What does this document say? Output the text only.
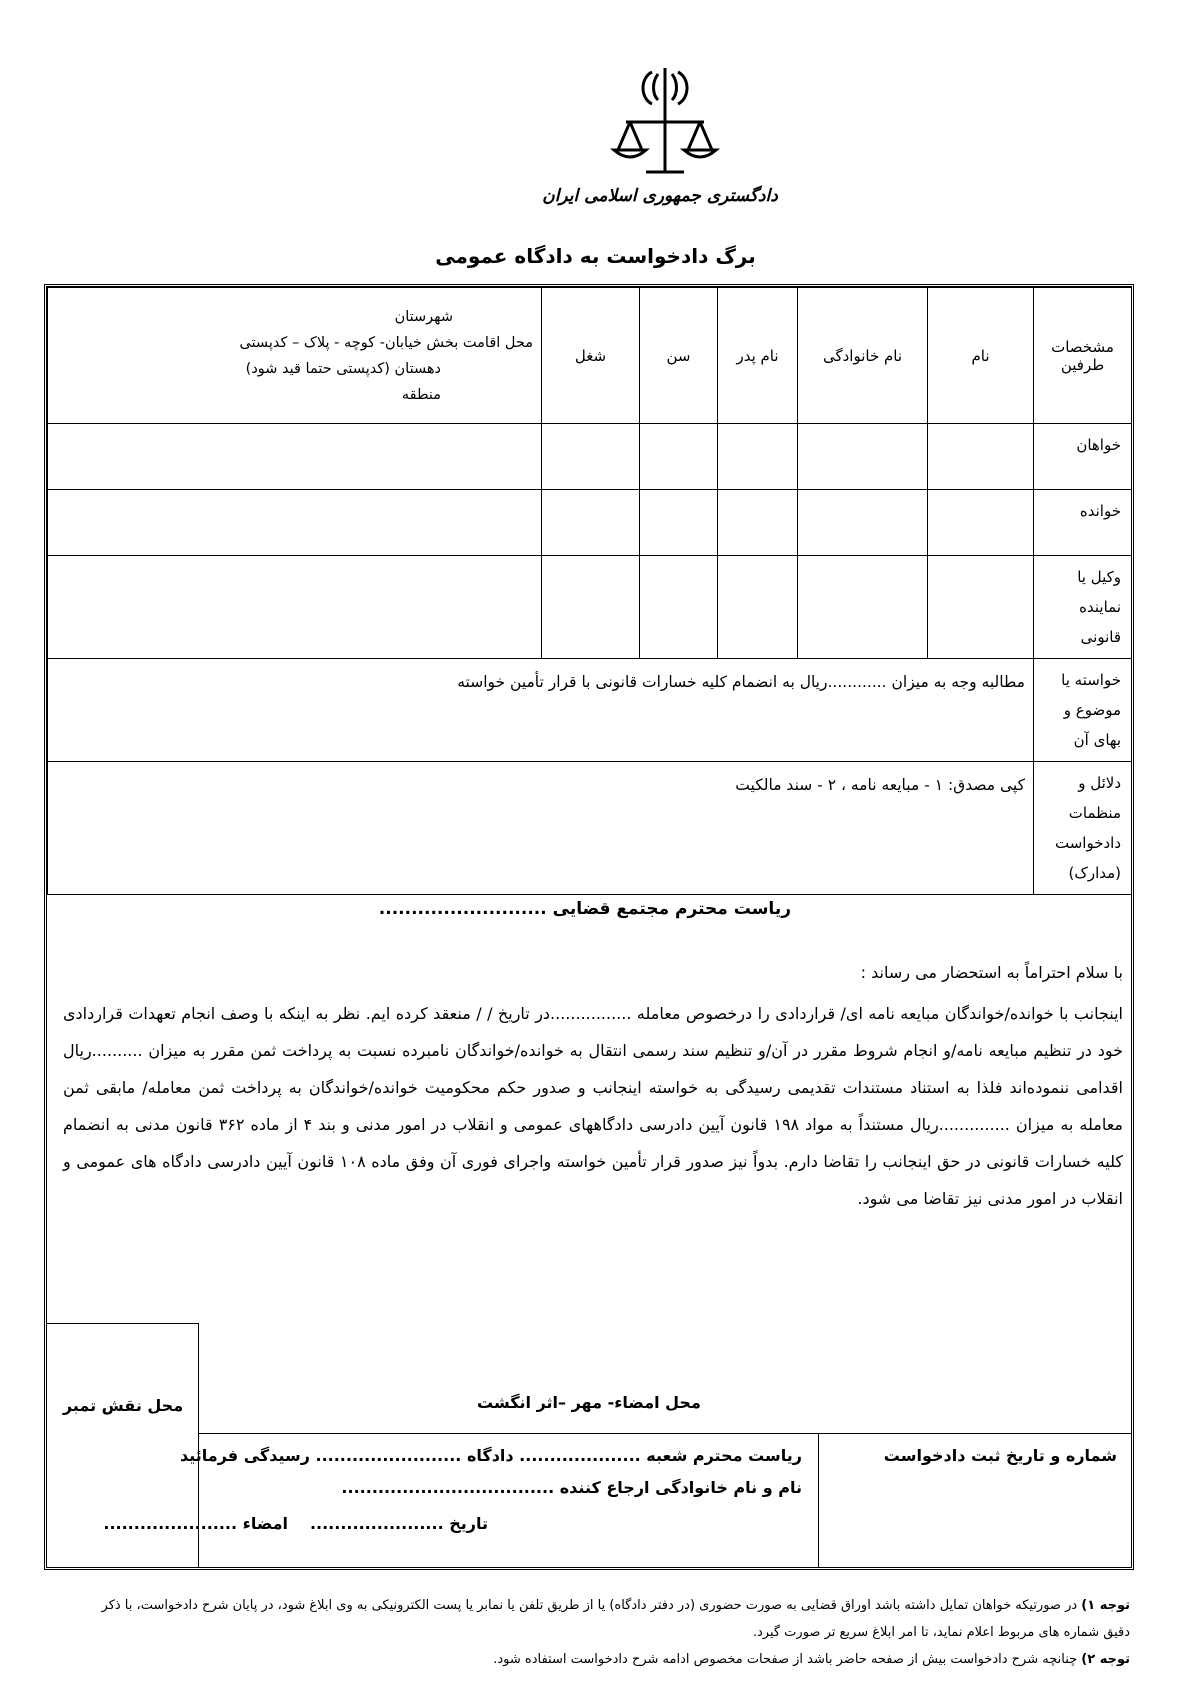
دادگستری جمهوری اسلامی ایران
برگ دادخواست به دادگاه عمومی
مشخصات طرفین	نام	نام خانوادگی	نام پدر	سن	شغل	شهرستان
محل اقامت بخش خیابان- کوچه - پلاک – کدپستی
دهستان (کدپستی حتما قید شود)
منطقه

خواهان						
خوانده						
وکیل یا نماینده قانونی						
خواسته یا موضوع و بهای آن	مطالبه وجه به میزان ............ریال به انضمام کلیه خسارات قانونی با قرار تأمین خواسته					
دلائل و منظمات دادخواست (مدارک)	کپی مصدق: ۱ - مبایعه نامه ، ۲ - سند مالکیت					
ریاست محترم مجتمع قضایی ..........................
با سلام احتراماً به استحضار می رساند :
اینجانب با خوانده/خواندگان مبایعه نامه ای/ قراردادی را درخصوص معامله ................در تاریخ / / منعقد کرده ایم. نظر به اینکه با وصف انجام تعهدات قراردادی خود در تنظیم مبایعه نامه/و انجام شروط مقرر در آن/و تنظیم سند رسمی انتقال به خوانده/خواندگان نامبرده نسبت به پرداخت ثمن مقرر به میزان ..........ریال اقدامی ننموده‌اند فلذا به استناد مستندات تقدیمی رسیدگی به خواسته اینجانب و صدور حکم محکومیت خوانده/خواندگان به پرداخت ثمن معامله/ مابقی ثمن معامله به میزان ..............ریال مستنداً به مواد ۱۹۸ قانون آیین دادرسی دادگاههای عمومی و انقلاب در امور مدنی و بند ۴ از ماده ۳۶۲ قانون مدنی به انضمام کلیه خسارات قانونی در حق اینجانب را تقاضا دارم. بدواً نیز صدور قرار تأمین خواسته واجرای فوری آن وفق ماده ۱۰۸ قانون آیین دادرسی دادگاه های عمومی و انقلاب در امور مدنی نیز تقاضا می شود.
محل نقش تمبر	محل امضاء- مهر –اثر انگشت
ریاست محترم شعبه .................... دادگاه ........................ رسیدگی فرمائید
نام و نام خانوادگی ارجاع کننده ...................................
تاریخ ......................
امضاء ......................
شماره و تاریخ ثبت دادخواست
توجه ۱) در صورتیکه خواهان تمایل داشته باشد اوراق قضایی به صورت حضوری (در دفتر دادگاه) یا از طریق تلفن یا نمابر یا پست الکترونیکی به وی ابلاغ شود، در پایان شرح دادخواست، با ذکر دقیق شماره های مربوط اعلام نماید، تا امر ابلاغ سریع تر صورت گیرد.
توجه ۲) چنانچه شرح دادخواست بیش از صفحه حاضر باشد از صفحات مخصوص ادامه شرح دادخواست استفاده شود.
